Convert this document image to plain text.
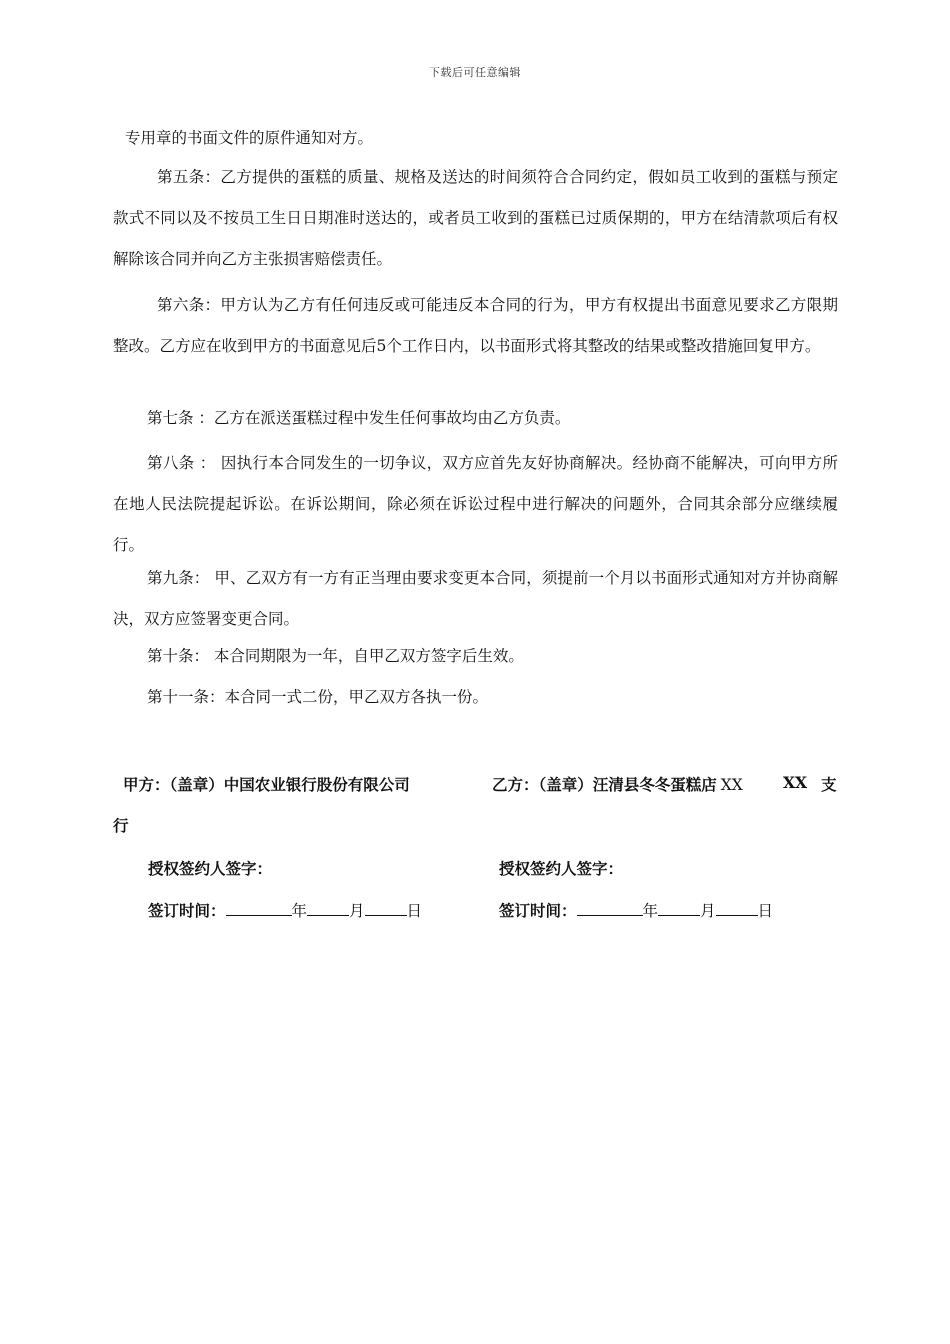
下载后可任意编辑

专用章的书面文件的原件通知对方。

第五条：乙方提供的蛋糕的质量、规格及送达的时间须符合合同约定，假如员工收到的蛋糕与预定款式不同以及不按员工生日日期准时送达的，或者员工收到的蛋糕已过质保期的，甲方在结清款项后有权解除该合同并向乙方主张损害赔偿责任。

第六条：甲方认为乙方有任何违反或可能违反本合同的行为，甲方有权提出书面意见要求乙方限期整改。乙方应在收到甲方的书面意见后5个工作日内，以书面形式将其整改的结果或整改措施回复甲方。

第七条 ：乙方在派送蛋糕过程中发生任何事故均由乙方负责。

第八条 ： 因执行本合同发生的一切争议，双方应首先友好协商解决。经协商不能解决，可向甲方所在地人民法院提起诉讼。在诉讼期间，除必须在诉讼过程中进行解决的问题外，合同其余部分应继续履行。

第九条： 甲、乙双方有一方有正当理由要求变更本合同，须提前一个月以书面形式通知对方并协商解决，双方应签署变更合同。

第十条： 本合同期限为一年，自甲乙双方签字后生效。

第十一条：本合同一式二份，甲乙双方各执一份。

甲方：（盖章）中国农业银行股份有限公司	乙方：（盖章）汪清县冬冬蛋糕店 XX	XX 支
行
授权签约人签字：	授权签约人签字：
签订时间：	年	月	日	签订时间：	年	月	日
